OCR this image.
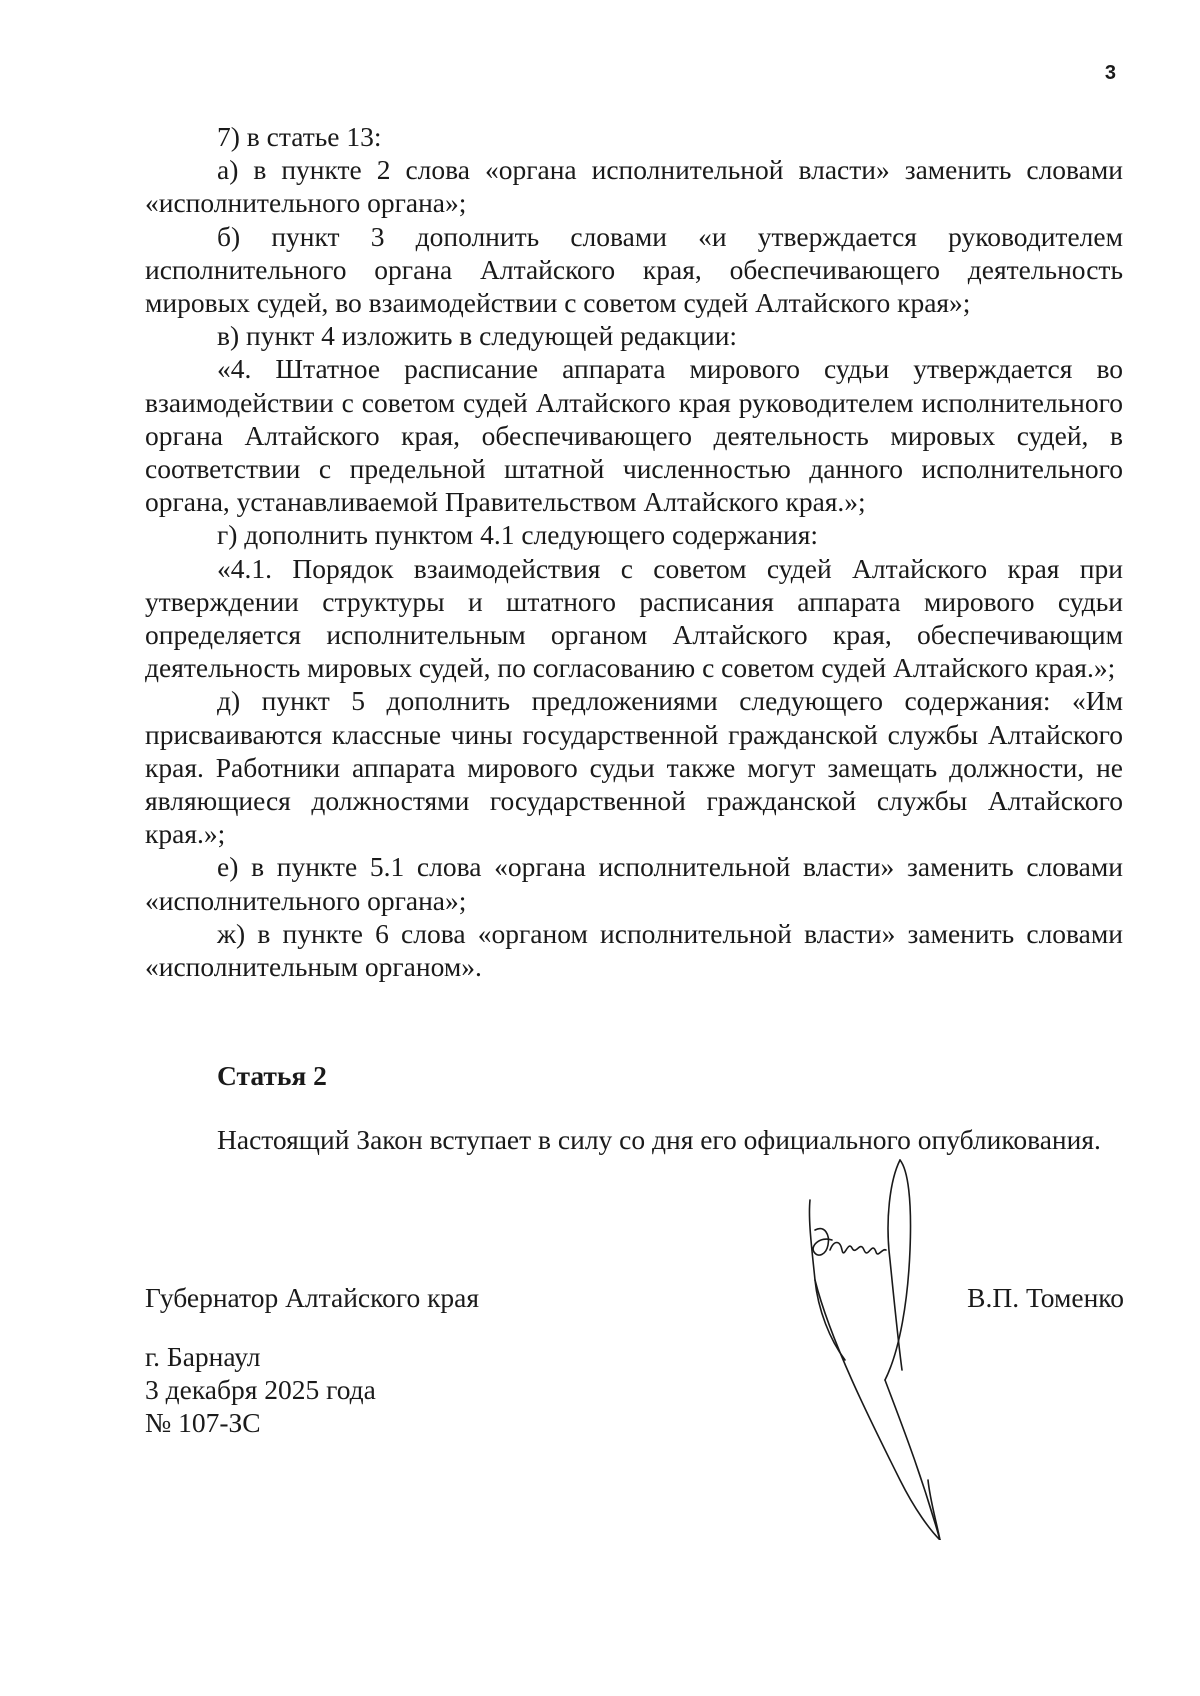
3

7) в статье 13:

а) в пункте 2 слова «органа исполнительной власти» заменить словами «исполнительного органа»;

б) пункт 3 дополнить словами «и утверждается руководителем исполнительного органа Алтайского края, обеспечивающего деятельность мировых судей, во взаимодействии с советом судей Алтайского края»;

в) пункт 4 изложить в следующей редакции:

«4. Штатное расписание аппарата мирового судьи утверждается во взаимодействии с советом судей Алтайского края руководителем исполнительного органа Алтайского края, обеспечивающего деятельность мировых судей, в соответствии с предельной штатной численностью данного исполнительного органа, устанавливаемой Правительством Алтайского края.»;

г) дополнить пунктом 4.1 следующего содержания:

«4.1. Порядок взаимодействия с советом судей Алтайского края при утверждении структуры и штатного расписания аппарата мирового судьи определяется исполнительным органом Алтайского края, обеспечивающим деятельность мировых судей, по согласованию с советом судей Алтайского края.»;

д) пункт 5 дополнить предложениями следующего содержания: «Им присваиваются классные чины государственной гражданской службы Алтайского края. Работники аппарата мирового судьи также могут замещать должности, не являющиеся должностями государственной гражданской службы Алтайского края.»;

е) в пункте 5.1 слова «органа исполнительной власти» заменить словами «исполнительного органа»;

ж) в пункте 6 слова «органом исполнительной власти» заменить словами «исполнительным органом».

Статья 2

Настоящий Закон вступает в силу со дня его официального опубликования.

Губернатор Алтайского края	В.П. Томенко
г. Барнаул
3 декабря 2025 года
№ 107-ЗС
